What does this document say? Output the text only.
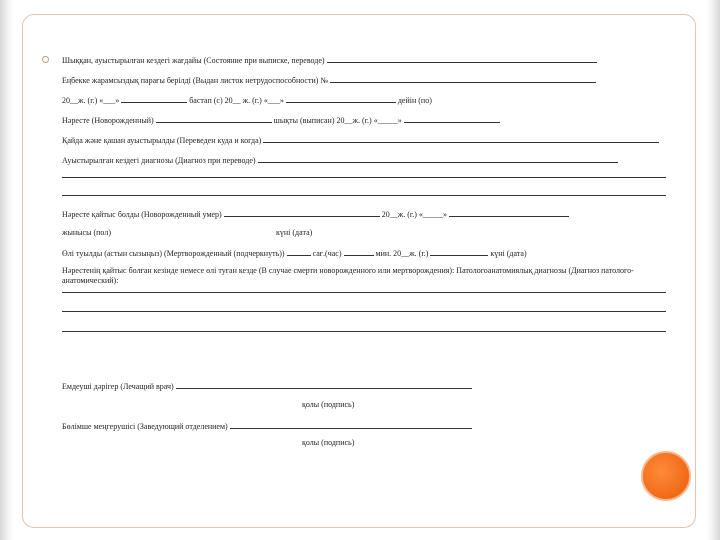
Шыққан, ауыстырылған кездегі жағдайы (Состояние при выписке, переводе)
Еңбекке жарамсыздық парағы берілді (Выдан листок нетрудоспособности) №
20__ж. (г.) «___»	бастап (с) 20__ ж. (г.) «___»	дейін (по)
Нәресте (Новорожденный)	шықты (выписан) 20__ж. (г.) «_____»
Қайда және қашан ауыстырылды (Переведен куда и когда)
Ауыстырылған кездегі диагнозы (Диагноз при переводе)
Нәресте қайтыс болды (Новорожденный умер)	20__ж. (г.) «_____»
жынысы (пол)	күні (дата)
Өлі туылды (астын сызыңыз) (Мертворожденный (подчеркнуть))	сағ.(час)	мин. 20__ж. (г.)	күні (дата)
Нәрестенің қайтыс болған кезінде немесе өлі туған кезде (В случае смерти новорожденного или мертворождения): Патологоанатомиялық диагнозы (Диагноз патолого-анатомический):
Емдеуші дәрігер (Лечащий врач)
қолы (подпись)
Бөлімше меңгерушісі (Заведующий отделением)
қолы (подпись)
